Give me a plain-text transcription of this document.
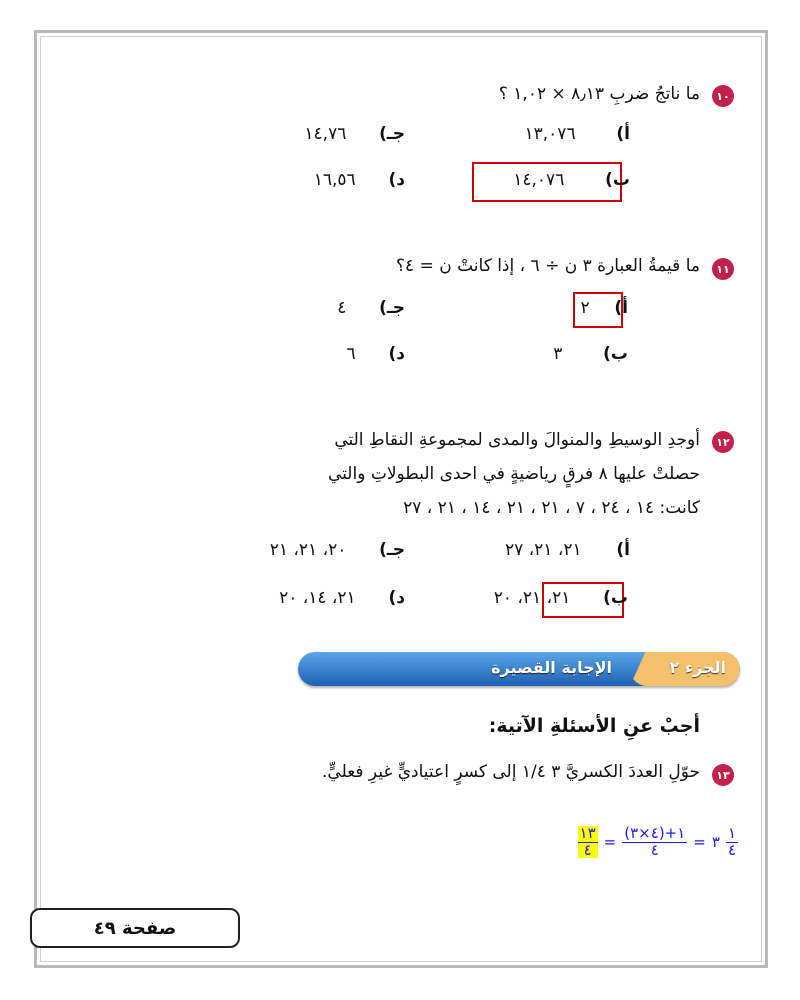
١٠
ما ناتجُ ضربِ ٨٫١٣ × ١,٠٢ ؟
أ)  ١٣,٠٧٦
جـ)  ١٤,٧٦
ب)  ١٤,٠٧٦
د)  ١٦,٥٦
١١
ما قيمةُ العبارة ٣ ن ÷ ٦ ، إذا كانتْ ن = ٤؟
أ)  ٢
جـ)  ٤
ب)  ٣
د)  ٦
١٢
أوجدِ الوسيطِ والمنوالَ والمدى لمجموعةِ النقاطِ التي
حصلتْ عليها ٨ فرقٍ رياضيةٍ في احدى البطولاتِ والتي
كانت: ١٤ ، ٢٤ ، ٧ ، ٢١ ، ٢١ ، ١٤ ، ٢١ ، ٢٧
أ)  ٢١، ٢١، ٢٧
جـ)  ٢٠، ٢١، ٢١
ب)  ٢١، ٢١، ٢٠
د)  ٢١، ١٤، ٢٠
الجزء ٢
الإجابة القصيرة
أجبْ عنِ الأسئلةِ الآتية:
١٣
حوّلِ العددَ الكسريَّ ٣ ١/٤ إلى كسرٍ اعتياديٍّ غيرِ فعليٍّ.
$\frac{١٣}{٤} = \frac{(٤\times ٣)+١}{٤}$ = ٣ $\frac{١}{٤}$
صفحة ٤٩
